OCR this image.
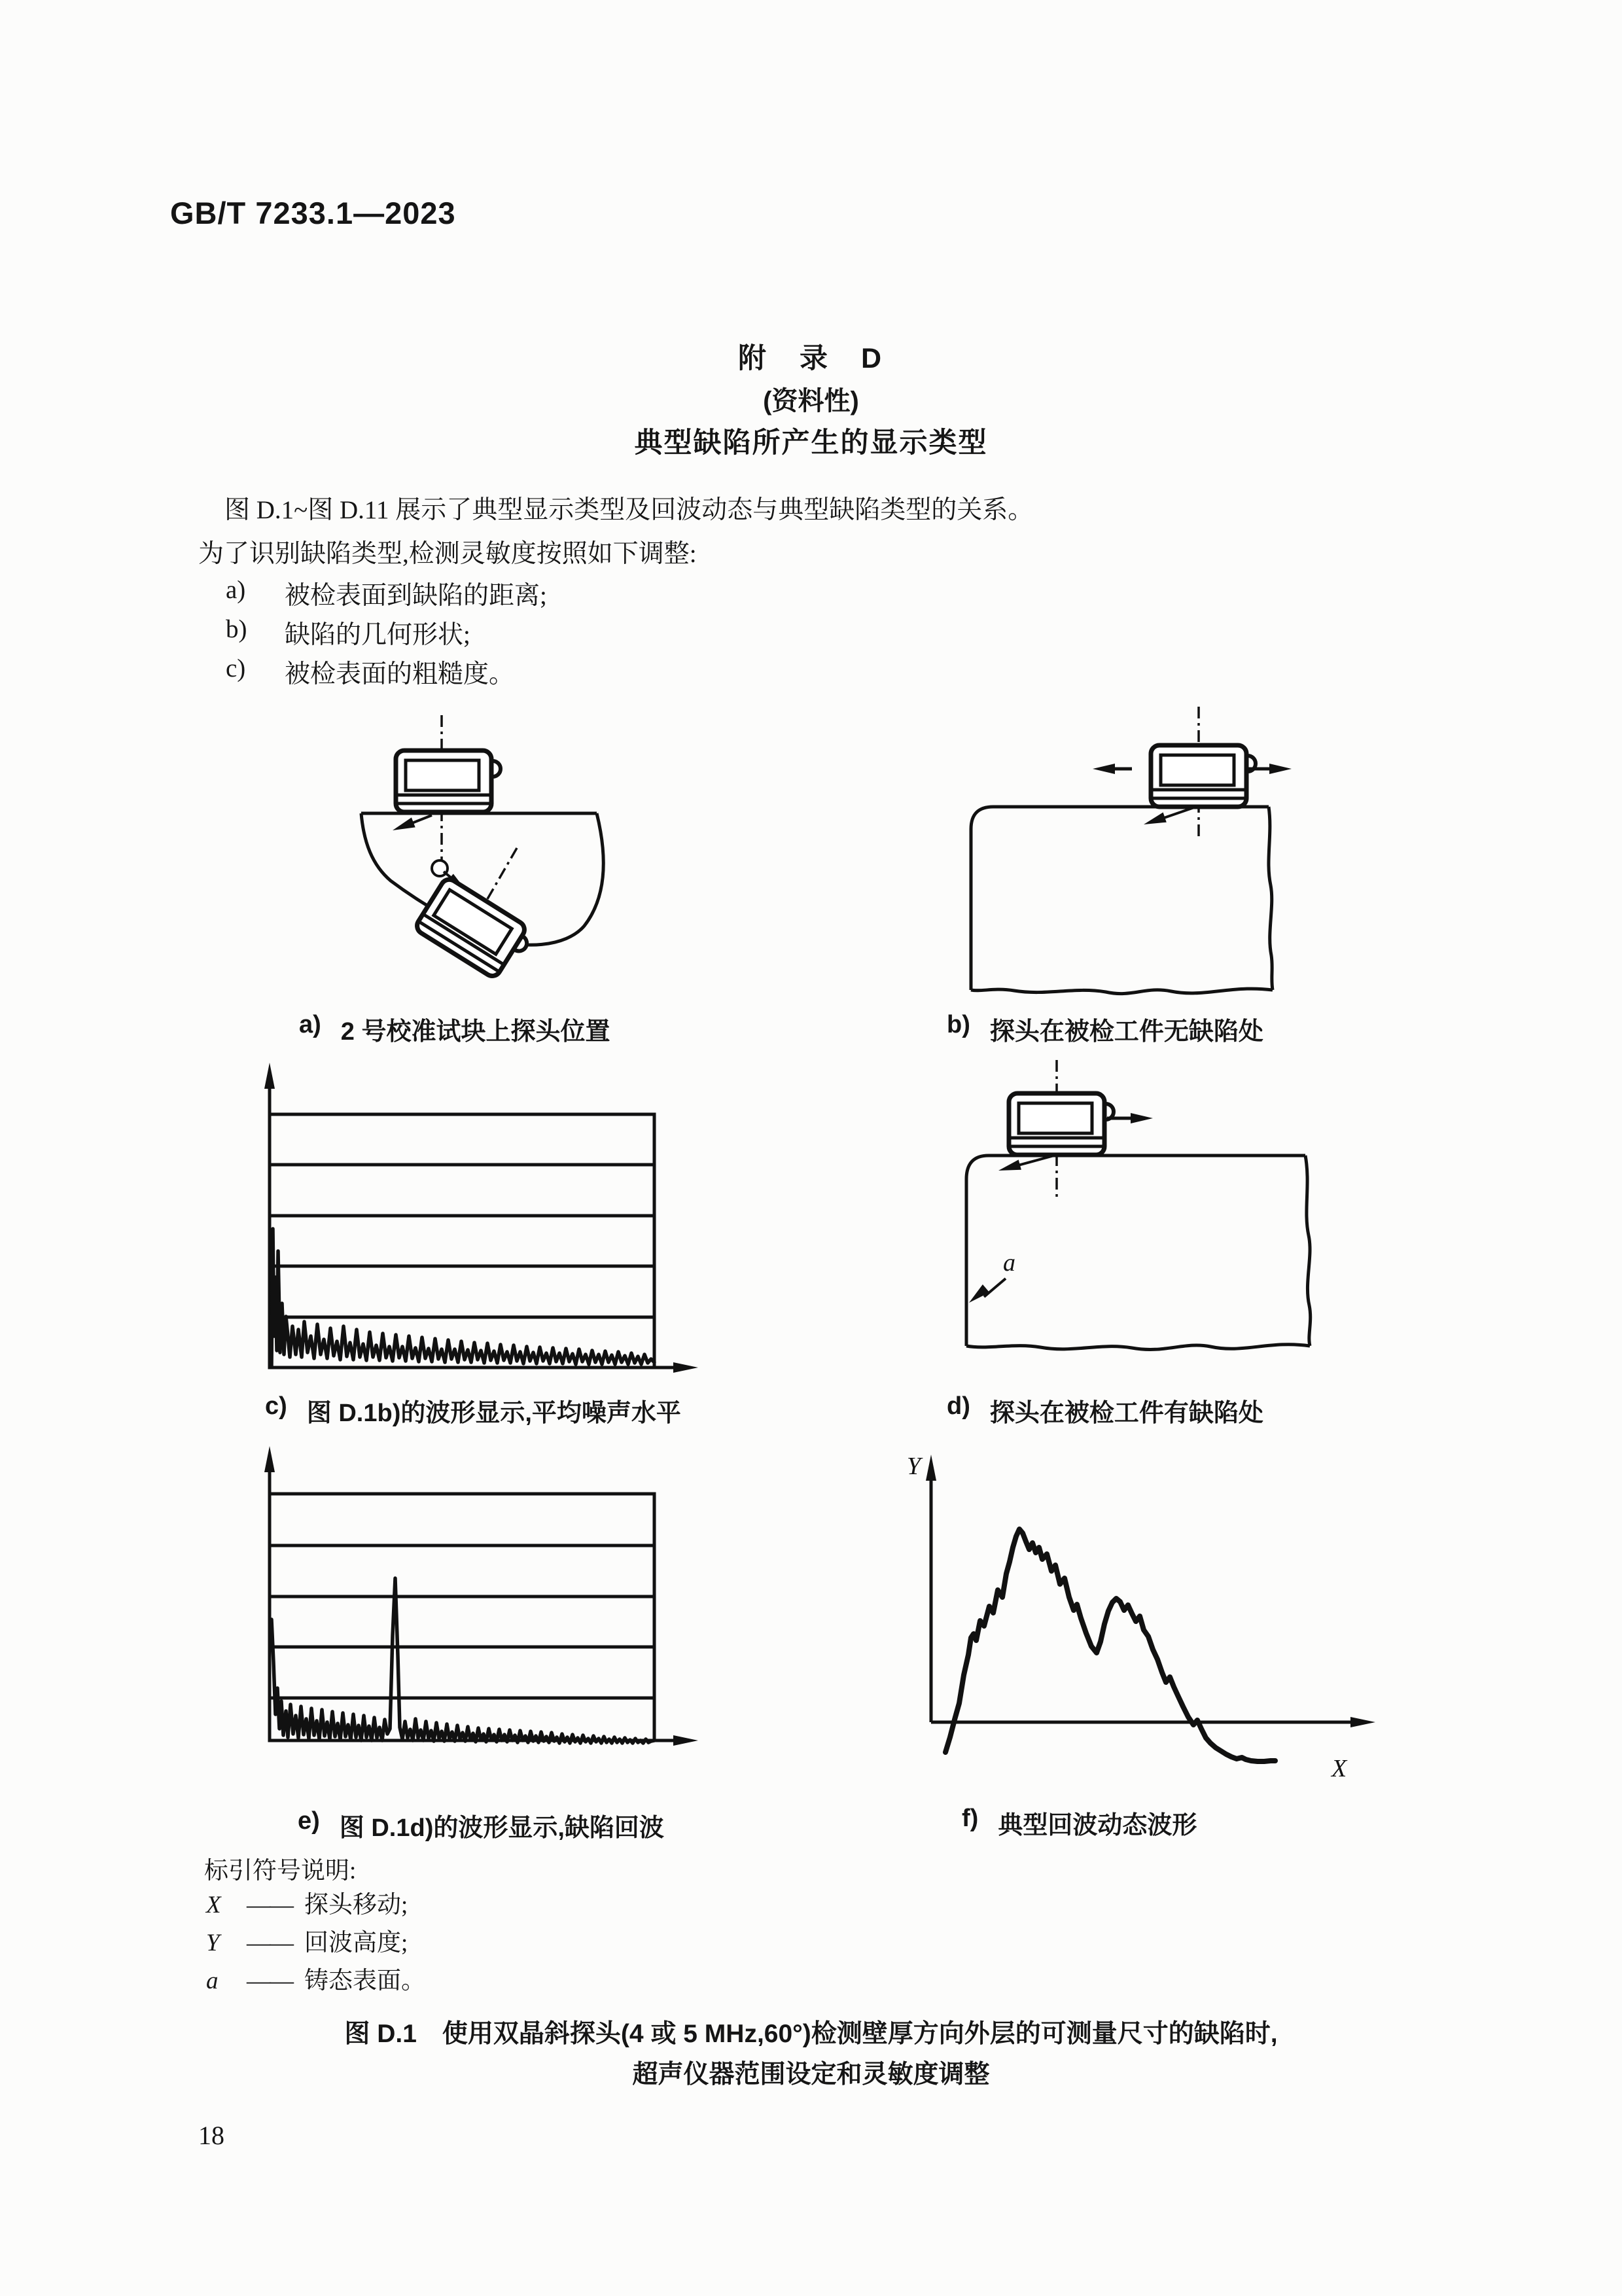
GB/T 7233.1—2023
附　录　D
(资料性)
典型缺陷所产生的显示类型
图 D.1~图 D.11 展示了典型显示类型及回波动态与典型缺陷类型的关系。
为了识别缺陷类型,检测灵敏度按照如下调整:
a)	被检表面到缺陷的距离;
b)	缺陷的几何形状;
c)	被检表面的粗糙度。
a) 2 号校准试块上探头位置	b) 探头在被检工件无缺陷处
c) 图 D.1b)的波形显示,平均噪声水平
a
d) 探头在被检工件有缺陷处
e) 图 D.1d)的波形显示,缺陷回波
Y
X
f) 典型回波动态波形
标引符号说明:
X	—— 探头移动;
Y	—— 回波高度;
a	—— 铸态表面。
图 D.1　使用双晶斜探头(4 或 5 MHz,60°)检测壁厚方向外层的可测量尺寸的缺陷时,
超声仪器范围设定和灵敏度调整
18
